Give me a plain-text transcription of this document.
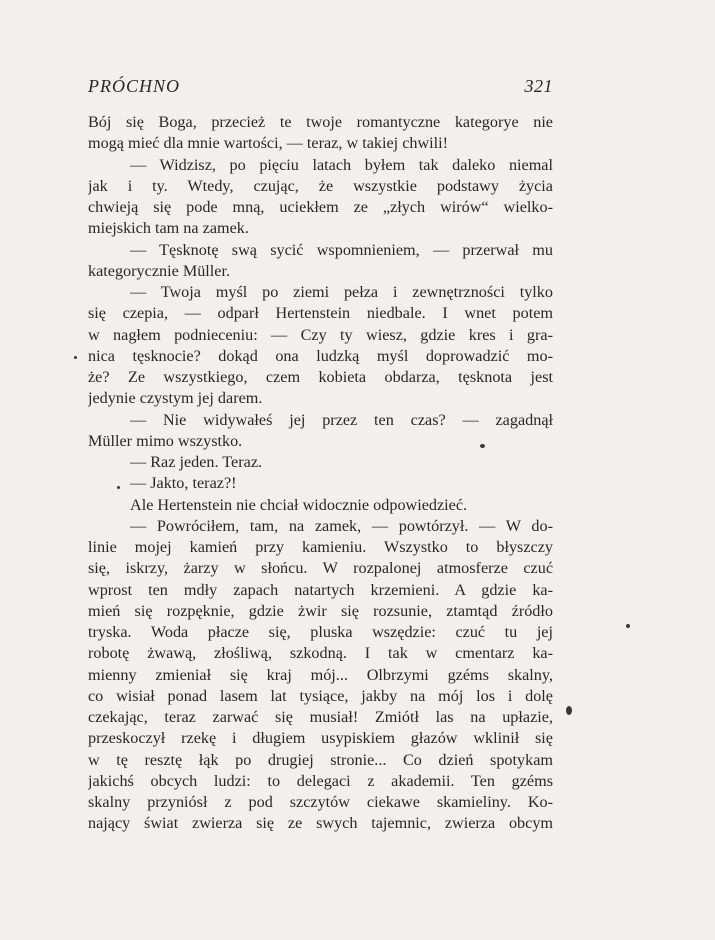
PRÓCHNO	321
Bój się Boga, przecież te twoje romantyczne kategorye nie
mogą mieć dla mnie wartości, — teraz, w takiej chwili!
— Widzisz, po pięciu latach byłem tak daleko niemal
jak i ty. Wtedy, czując, że wszystkie podstawy życia
chwieją się pode mną, uciekłem ze „złych wirów“ wielko-
miejskich tam na zamek.
— Tęsknotę swą sycić wspomnieniem, — przerwał mu
kategorycznie Müller.
— Twoja myśl po ziemi pełza i zewnętrzności tylko
się czepia, — odparł Hertenstein niedbale. I wnet potem
w nagłem podnieceniu: — Czy ty wiesz, gdzie kres i gra-
nica tęsknocie? dokąd ona ludzką myśl doprowadzić mo-
że? Ze wszystkiego, czem kobieta obdarza, tęsknota jest
jedynie czystym jej darem.
— Nie widywałeś jej przez ten czas? — zagadnął
Müller mimo wszystko.
— Raz jeden. Teraz.
— Jakto, teraz?!
Ale Hertenstein nie chciał widocznie odpowiedzieć.
— Powróciłem, tam, na zamek, — powtórzył. — W do-
linie mojej kamień przy kamieniu. Wszystko to błyszczy
się, iskrzy, żarzy w słońcu. W rozpalonej atmosferze czuć
wprost ten mdły zapach natartych krzemieni. A gdzie ka-
mień się rozpęknie, gdzie żwir się rozsunie, ztamtąd źródło
tryska. Woda płacze się, pluska wszędzie: czuć tu jej
robotę żwawą, złośliwą, szkodną. I tak w cmentarz ka-
mienny zmieniał się kraj mój... Olbrzymi gzéms skalny,
co wisiał ponad lasem lat tysiące, jakby na mój los i dolę
czekając, teraz zarwać się musiał! Zmiótł las na upłazie,
przeskoczył rzekę i długiem usypiskiem głazów wklinił się
w tę resztę łąk po drugiej stronie... Co dzień spotykam
jakichś obcych ludzi: to delegaci z akademii. Ten gzéms
skalny przyniósł z pod szczytów ciekawe skamieliny. Ko-
nający świat zwierza się ze swych tajemnic, zwierza obcym
